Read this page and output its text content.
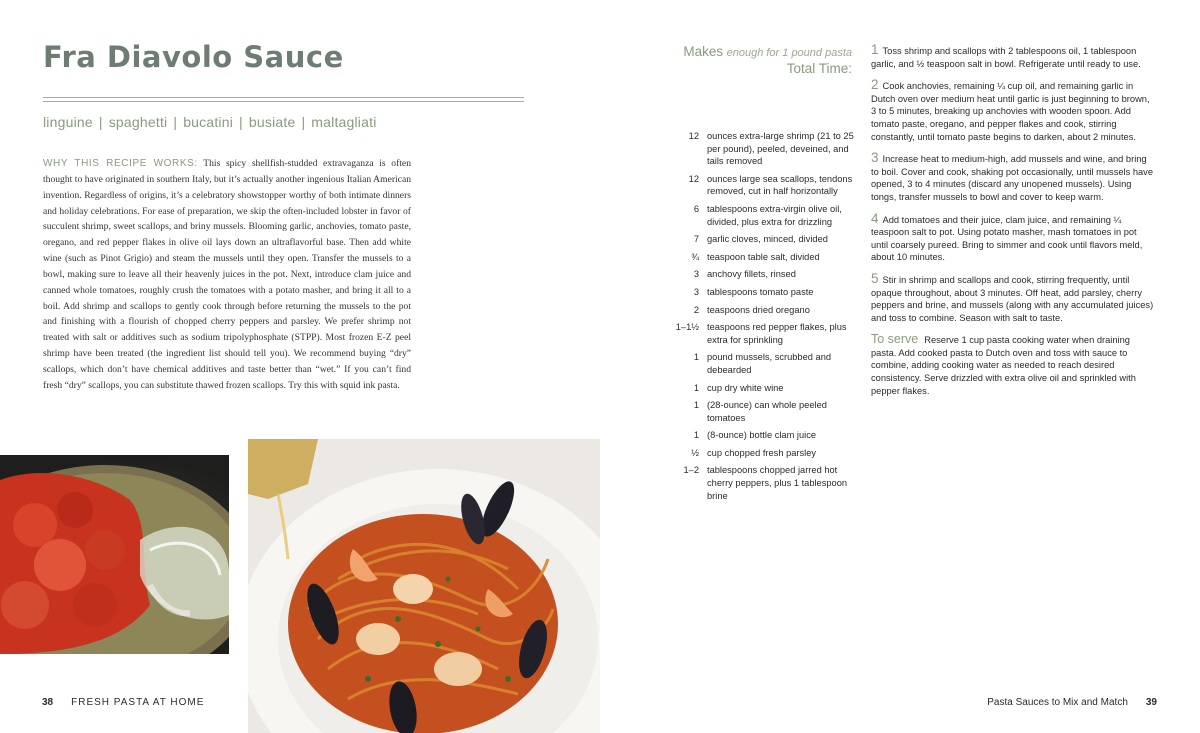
Fra Diavolo Sauce
linguine | spaghetti | bucatini | busiate | maltagliati

WHY THIS RECIPE WORKS: This spicy shellfish-studded extravaganza is often thought to have originated in southern Italy, but it’s actually another ingenious Italian American invention. Regardless of origins, it’s a celebratory showstopper worthy of both intimate dinners and holiday celebrations. For ease of preparation, we skip the often-included lobster in favor of succulent shrimp, sweet scallops, and briny mussels. Blooming garlic, anchovies, tomato paste, oregano, and red pepper flakes in olive oil lays down an ultraflavorful base. Then add white wine (such as Pinot Grigio) and steam the mussels until they open. Transfer the mussels to a bowl, making sure to leave all their heavenly juices in the pot. Next, introduce clam juice and canned whole tomatoes, roughly crush the tomatoes with a potato masher, and bring it all to a boil. Add shrimp and scallops to gently cook through before returning the mussels to the pot and finishing with a flourish of chopped cherry peppers and parsley. We prefer shrimp not treated with salt or additives such as sodium tripolyphosphate (STPP). Most frozen E-Z peel shrimp have been treated (the ingredient list should tell you). We recommend buying “dry” scallops, which don’t have chemical additives and taste better than “wet.” If you can’t find fresh “dry” scallops, you can substitute thawed frozen scallops. Try this with squid ink pasta.

38 FRESH PASTA AT HOME
Makes enough for 1 pound pasta
Total Time:
12 ounces extra-large shrimp (21 to 25 per pound), peeled, deveined, and tails removed
12 ounces large sea scallops, tendons removed, cut in half horizontally
6 tablespoons extra-virgin olive oil, divided, plus extra for drizzling
7 garlic cloves, minced, divided
¾ teaspoon table salt, divided
3 anchovy fillets, rinsed
3 tablespoons tomato paste
2 teaspoons dried oregano
1–1½ teaspoons red pepper flakes, plus extra for sprinkling
1 pound mussels, scrubbed and debearded
1 cup dry white wine
1 (28-ounce) can whole peeled tomatoes
1 (8-ounce) bottle clam juice
½ cup chopped fresh parsley
1–2 tablespoons chopped jarred hot cherry peppers, plus 1 tablespoon brine
1 Toss shrimp and scallops with 2 tablespoons oil, 1 tablespoon garlic, and ½ teaspoon salt in bowl. Refrigerate until ready to use.
2 Cook anchovies, remaining ¼ cup oil, and remaining garlic in Dutch oven over medium heat until garlic is just beginning to brown, 3 to 5 minutes, breaking up anchovies with wooden spoon. Add tomato paste, oregano, and pepper flakes and cook, stirring constantly, until tomato paste begins to darken, about 2 minutes.
3 Increase heat to medium-high, add mussels and wine, and bring to boil. Cover and cook, shaking pot occasionally, until mussels have opened, 3 to 4 minutes (discard any unopened mussels). Using tongs, transfer mussels to bowl and cover to keep warm.
4 Add tomatoes and their juice, clam juice, and remaining ¼ teaspoon salt to pot. Using potato masher, mash tomatoes in pot until coarsely pureed. Bring to simmer and cook until flavors meld, about 10 minutes.
5 Stir in shrimp and scallops and cook, stirring frequently, until opaque throughout, about 3 minutes. Off heat, add parsley, cherry peppers and brine, and mussels (along with any accumulated juices) and toss to combine. Season with salt to taste.
To serve Reserve 1 cup pasta cooking water when draining pasta. Add cooked pasta to Dutch oven and toss with sauce to combine, adding cooking water as needed to reach desired consistency. Serve drizzled with extra olive oil and sprinkled with pepper flakes.
Pasta Sauces to Mix and Match 39
